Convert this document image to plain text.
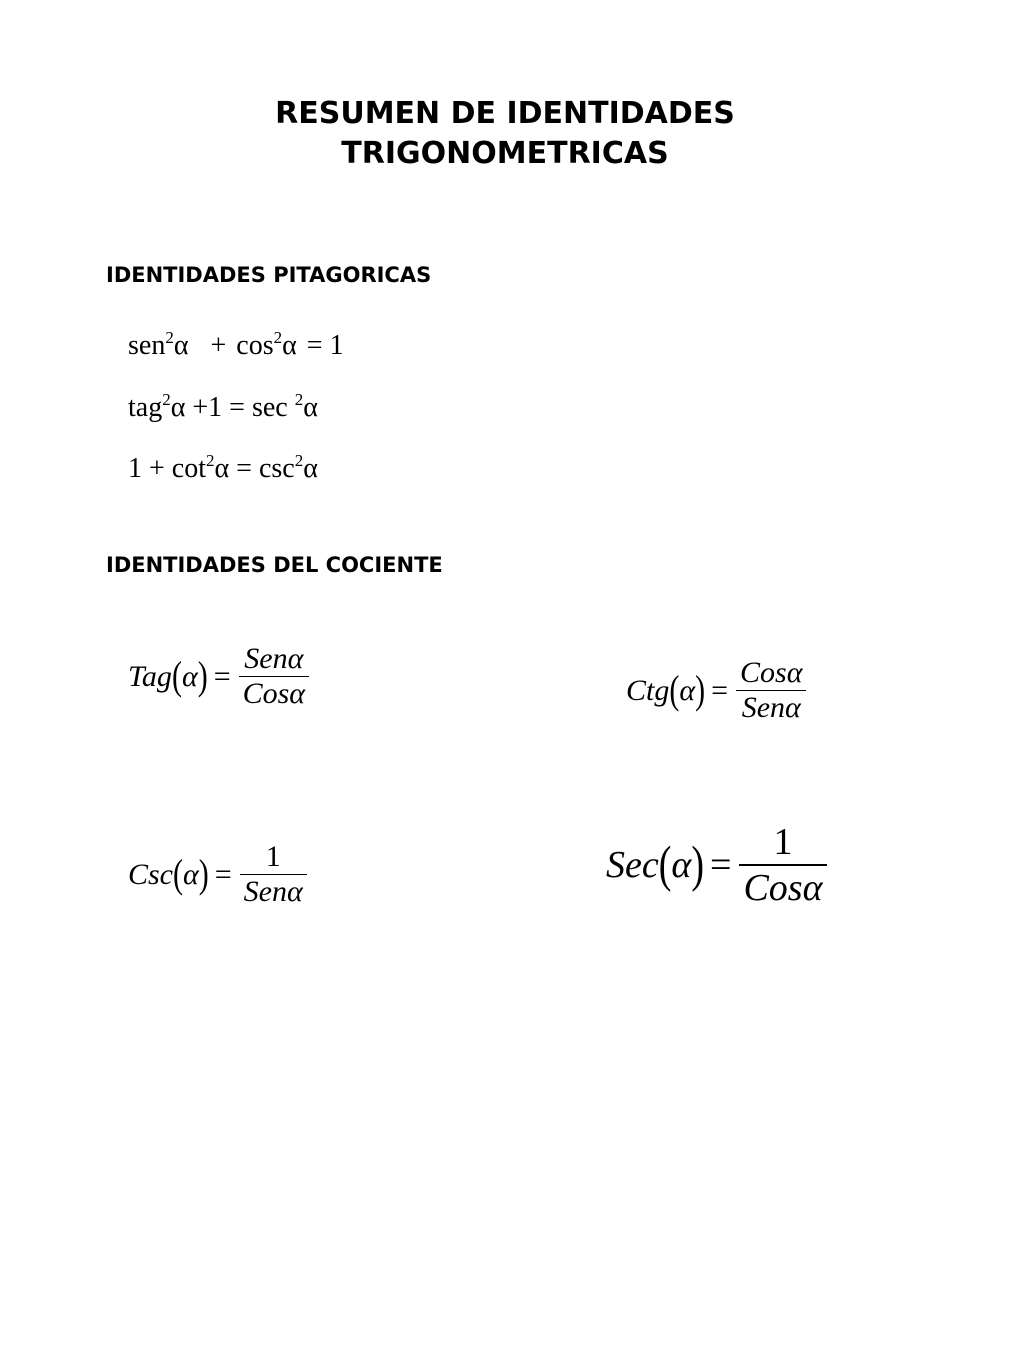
RESUMEN DE IDENTIDADES
TRIGONOMETRICAS
IDENTIDADES PITAGORICAS
$sen^2\alpha + \cos^2\alpha = 1$
tag$^2$α +1 = sec $^2$α
$1 + \cot^2\alpha = \csc^2\alpha$
IDENTIDADES DEL COCIENTE
Tag ( α ) = $\frac{\text{Senα}}{\text{Cosα}}$	Ctg ( α ) = $\frac{\text{Cosα}}{\text{Senα}}$
Csc ( α ) = $\frac{1}{\text{Senα}}$	Sec ( α ) = $\frac{1}{\text{Cosα}}$
